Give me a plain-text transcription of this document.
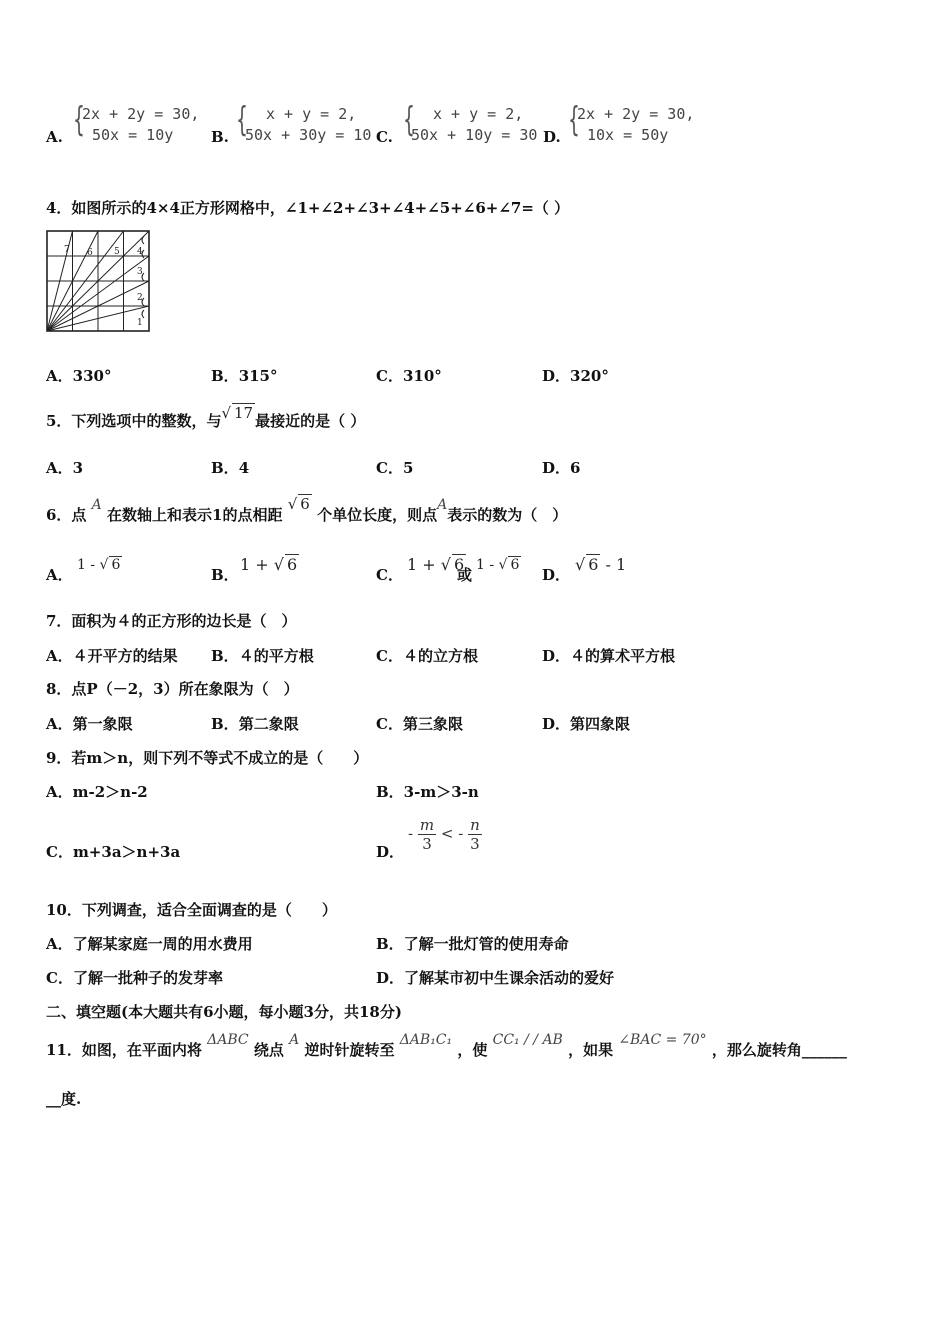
A. {
2x + 2y = 30,
50x = 10y	B. { x + y = 2,
50x + 30y = 10 C. { x + y = 2,
50x + 10y = 30 D. {
2x + 2y = 30,
10x = 50y
4．如图所示的4×4正方形网格中，∠1+∠2+∠3+∠4+∠5+∠6+∠7=（ ）
7 6 5 4
3
2
1
A．330°	B．315°	C．310°	D．320°
5．下列选项中的整数，与√ 17 最接近的是（ ）
A．3	B．4	C．5	D．6
6．点 A 在数轴上和表示1的点相距 √ 6 个单位长度，则点A表示的数为（　）
A．
1 - √ 6
B．
1 + √ 6
C．
1 + √ 6
或
1 - √ 6
D．
√ 6 - 1
7．面积为４的正方形的边长是（　）
A．４开平方的结果 B．４的平方根	C．４的立方根	D．４的算术平方根
8．点P（－2，3）所在象限为（　）
A．第一象限	B．第二象限	C．第三象限	D．第四象限
9．若m＞n，则下列不等式不成立的是（　　）
A．m-2＞n-2	B．3-m＞3-n
C．m+3a＞n+3a	D．
- $\frac{m}{3}$ < - $\frac{n}{3}$
10．下列调查，适合全面调查的是（　　）
A．了解某家庭一周的用水费用	B．了解一批灯管的使用寿命
C．了解一批种子的发芽率	D．了解某市初中生课余活动的爱好
二、填空题(本大题共有6小题，每小题3分，共18分)
11．如图，在平面内将 ΔABC 绕点 A 逆时针旋转至 ΔAB₁C₁ ，使 CC₁ / / AB ，如果 ∠BAC = 70° ，那么旋转角______
__度.
